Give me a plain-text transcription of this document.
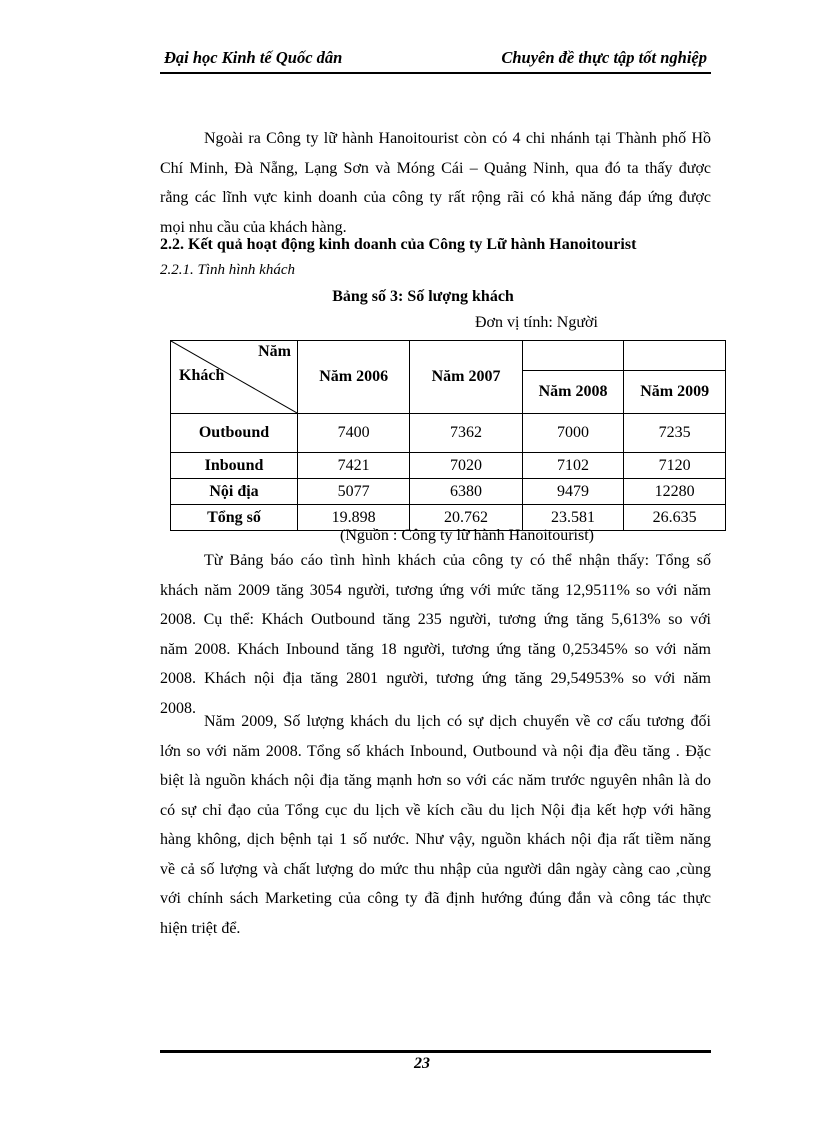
Đại học Kinh tế Quốc dân	Chuyên đề thực tập tốt nghiệp
Ngoài ra Công ty lữ hành Hanoitourist còn có 4 chi nhánh tại Thành phố Hồ
Chí Minh, Đà Nẵng, Lạng Sơn và Móng Cái – Quảng Ninh, qua đó ta thấy được
rằng các lĩnh vực kinh doanh của công ty rất rộng rãi có khả năng đáp ứng được
mọi nhu cầu của khách hàng.
2.2. Kết quả hoạt động kinh doanh của Công ty Lữ hành Hanoitourist
2.2.1. Tình hình khách
Bảng số 3: Số lượng khách
Đơn vị tính: Người
Năm
Khách	Năm 2006	Năm 2007	Năm 2008	Năm 2009

Outbound	7400	7362	7000	7235
Inbound	7421	7020	7102	7120
Nội địa	5077	6380	9479	12280
Tổng số	19.898	20.762	23.581	26.635
(Nguồn : Công ty lữ hành Hanoitourist)
Từ Bảng báo cáo tình hình khách của công ty có thể nhận thấy: Tổng số
khách năm 2009 tăng 3054 người, tương ứng với mức tăng 12,9511% so với năm
2008. Cụ thể: Khách Outbound tăng 235 người, tương ứng tăng 5,613% so với
năm 2008. Khách Inbound tăng 18 người, tương ứng tăng 0,25345% so với năm
2008. Khách nội địa tăng 2801 người, tương ứng tăng 29,54953% so với năm
2008.
Năm 2009, Số lượng khách du lịch có sự dịch chuyển về cơ cấu tương đối
lớn so với năm 2008. Tổng số khách Inbound, Outbound và nội địa đều tăng . Đặc
biệt là nguồn khách nội địa tăng mạnh hơn so với các năm trước nguyên nhân là do
có sự chỉ đạo của Tổng cục du lịch về kích cầu du lịch Nội địa kết hợp với hãng
hàng không, dịch bệnh tại 1 số nước. Như vậy, nguồn khách nội địa rất tiềm năng
về cả số lượng và chất lượng do mức thu nhập của người dân ngày càng cao ,cùng
với chính sách Marketing của công ty đã định hướng đúng đắn và công tác thực
hiện triệt để.
23
